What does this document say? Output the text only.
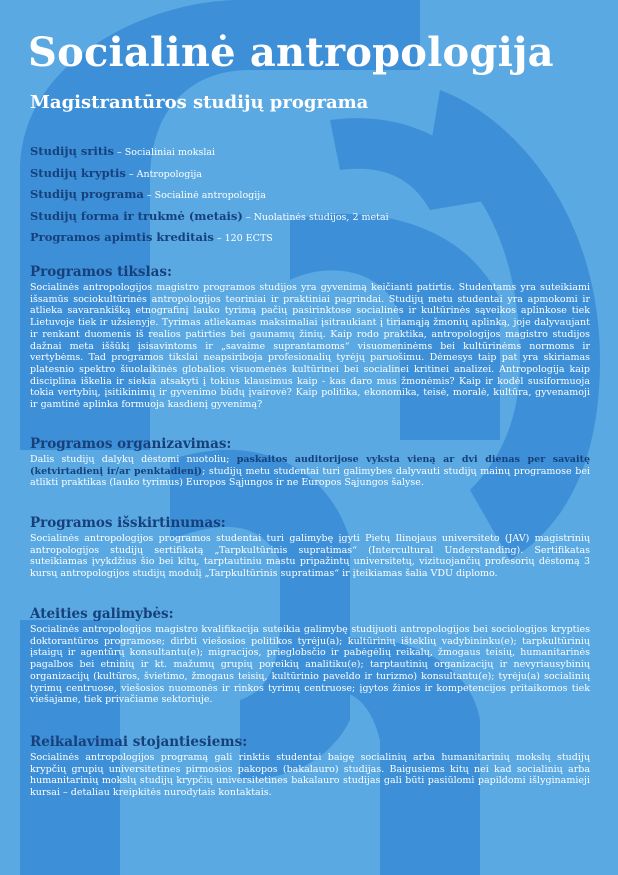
Socialinė antropologija
Magistrantūros studijų programa
Studijų sritis – Socialiniai mokslai
Studijų kryptis – Antropologija
Studijų programa – Socialinė antropologija
Studijų forma ir trukmė (metais) – Nuolatinės studijos, 2 metai
Programos apimtis kreditais – 120 ECTS
Programos tikslas:

Socialinės antropologijos magistro programos studijos yra gyvenimą keičianti patirtis. Studentams yra suteikiami išsamūs sociokultūrinės antropologijos teoriniai ir praktiniai pagrindai. Studijų metu studentai yra apmokomi ir atlieka savarankišką etnografinį lauko tyrimą pačių pasirinktose socialinės ir kultūrinės sąveikos aplinkose tiek Lietuvoje tiek ir užsienyje. Tyrimas atliekamas maksimaliai įsitraukiant į tiriamąją žmonių aplinką, joje dalyvaujant ir renkant duomenis iš realios patirties bei gaunamų žinių. Kaip rodo praktika, antropologijos magistro studijos dažnai meta iššūkį įsisavintoms ir „savaime suprantamoms“ visuomeninėms bei kultūrinėms normoms ir vertybėms. Tad programos tikslai neapsiriboja profesionalių tyrėjų paruošimu. Dėmesys taip pat yra skiriamas platesnio spektro šiuolaikinės globalios visuomenės kultūrinei bei socialinei kritinei analizei. Antropologija kaip disciplina iškelia ir siekia atsakyti į tokius klausimus kaip - kas daro mus žmonėmis? Kaip ir kodėl susiformuoja tokia vertybių, įsitikinimų ir gyvenimo būdų įvairovė? Kaip politika, ekonomika, teisė, moralė, kultūra, gyvenamoji ir gamtinė aplinka formuoja kasdienį gyvenimą?

Programos organizavimas:

Dalis studijų dalykų dėstomi nuotoliu; paskaitos auditorijose vyksta vieną ar dvi dienas per savaitę (ketvirtadienį ir/ar penktadienį); studijų metu studentai turi galimybes dalyvauti studijų mainų programose bei atlikti praktikas (lauko tyrimus) Europos Sąjungos ir ne Europos Sąjungos šalyse.

Programos išskirtinumas:

Socialinės antropologijos programos studentai turi galimybę įgyti Pietų Ilinojaus universiteto (JAV) magistrinių antropologijos studijų sertifikatą „Tarpkultūrinis supratimas“ (Intercultural Understanding). Sertifikatas suteikiamas įvykdžius šio bei kitų, tarptautiniu mastu pripažintų universitetų, vizituojančių profesorių dėstomą 3 kursų antropologijos studijų modulį „Tarpkultūrinis supratimas“ ir įteikiamas šalia VDU diplomo.

Ateities galimybės:

Socialinės antropologijos magistro kvalifikacija suteikia galimybę studijuoti antropologijos bei sociologijos krypties doktorantūros programose; dirbti viešosios politikos tyrėju(a); kultūrinių išteklių vadybininku(e); tarpkultūrinių įstaigų ir agentūrų konsultantu(e); migracijos, prieglobsčio ir pabėgėlių reikalų, žmogaus teisių, humanitarinės pagalbos bei etninių ir kt. mažumų grupių poreikių analitiku(e); tarptautinių organizacijų ir nevyriausybinių organizacijų (kultūros, švietimo, žmogaus teisių, kultūrinio paveldo ir turizmo) konsultantu(e); tyrėju(a) socialinių tyrimų centruose, viešosios nuomonės ir rinkos tyrimų centruose; įgytos žinios ir kompetencijos pritaikomos tiek viešajame, tiek privačiame sektoriuje.

Reikalavimai stojantiesiems:

Socialinės antropologijos programą gali rinktis studentai baigę socialinių arba humanitarinių mokslų studijų krypčių grupių universitetines pirmosios pakopos (bakalauro) studijas. Baigusiems kitų nei kad socialinių arba humanitarinių mokslų studijų krypčių universitetines bakalauro studijas gali būti pasiūlomi papildomi išlyginamieji kursai – detaliau kreipkitės nurodytais kontaktais.
